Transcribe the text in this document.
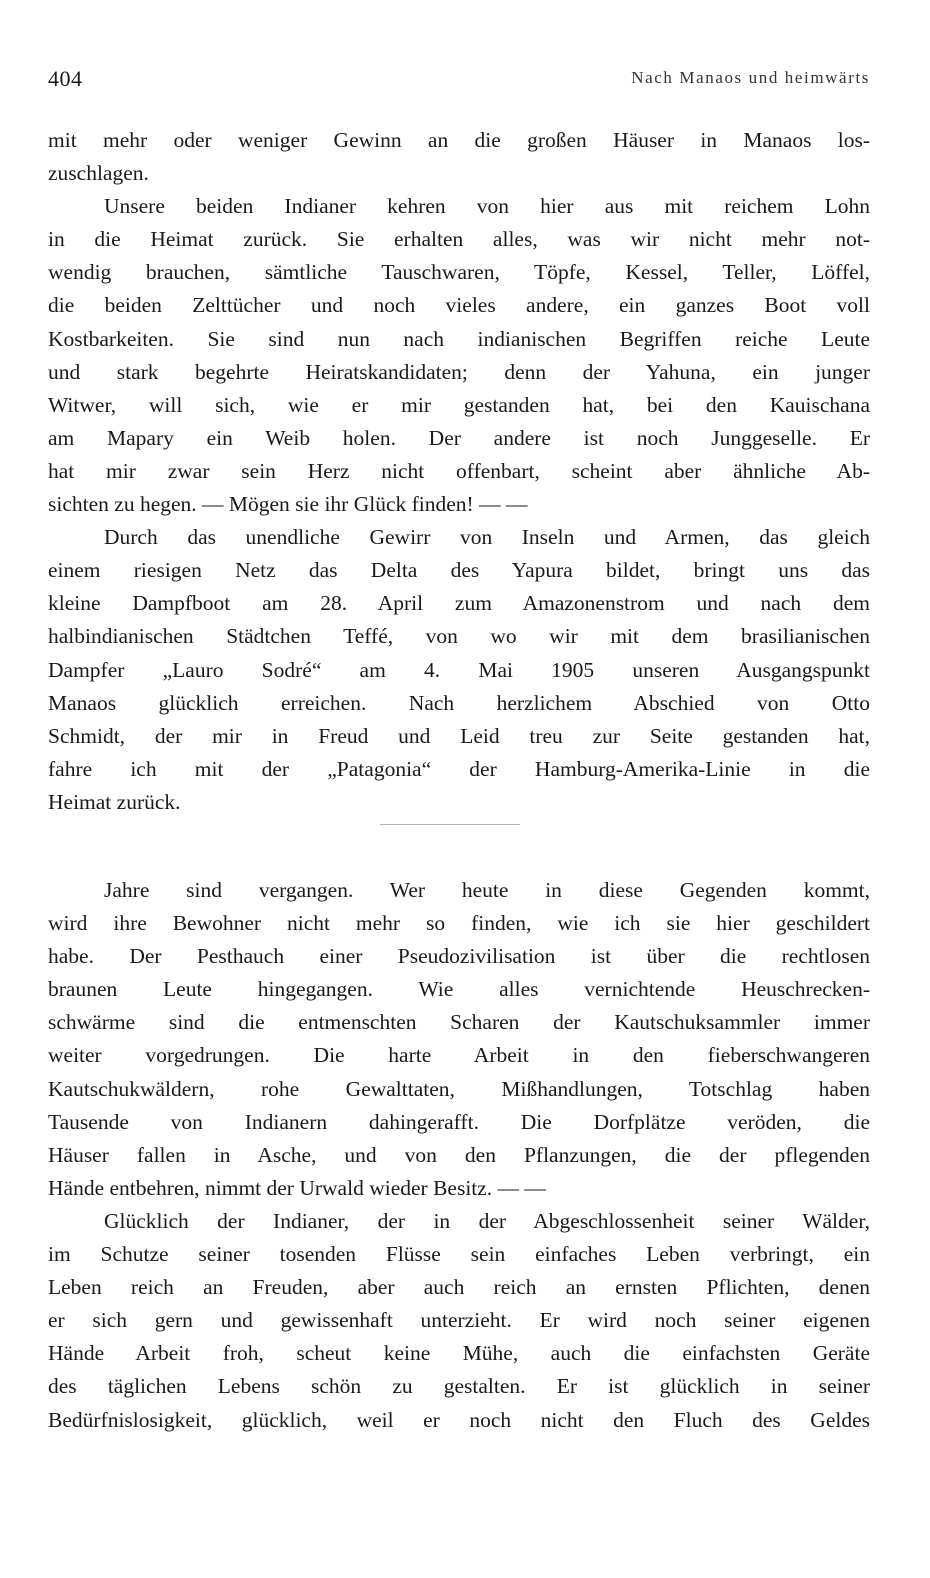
404	Nach Manaos und heimwärts
mit mehr oder weniger Gewinn an die großen Häuser in Manaos los-
zuschlagen.
Unsere beiden Indianer kehren von hier aus mit reichem Lohn
in die Heimat zurück. Sie erhalten alles, was wir nicht mehr not-
wendig brauchen, sämtliche Tauschwaren, Töpfe, Kessel, Teller, Löffel,
die beiden Zelttücher und noch vieles andere, ein ganzes Boot voll
Kostbarkeiten. Sie sind nun nach indianischen Begriffen reiche Leute
und stark begehrte Heiratskandidaten; denn der Yahuna, ein junger
Witwer, will sich, wie er mir gestanden hat, bei den Kauischana
am Mapary ein Weib holen. Der andere ist noch Junggeselle. Er
hat mir zwar sein Herz nicht offenbart, scheint aber ähnliche Ab-
sichten zu hegen. — Mögen sie ihr Glück finden! — —
Durch das unendliche Gewirr von Inseln und Armen, das gleich
einem riesigen Netz das Delta des Yapura bildet, bringt uns das
kleine Dampfboot am 28. April zum Amazonenstrom und nach dem
halbindianischen Städtchen Teffé, von wo wir mit dem brasilianischen
Dampfer „Lauro Sodré“ am 4. Mai 1905 unseren Ausgangspunkt
Manaos glücklich erreichen. Nach herzlichem Abschied von Otto
Schmidt, der mir in Freud und Leid treu zur Seite gestanden hat,
fahre ich mit der „Patagonia“ der Hamburg-Amerika-Linie in die
Heimat zurück.
Jahre sind vergangen. Wer heute in diese Gegenden kommt,
wird ihre Bewohner nicht mehr so finden, wie ich sie hier geschildert
habe. Der Pesthauch einer Pseudozivilisation ist über die rechtlosen
braunen Leute hingegangen. Wie alles vernichtende Heuschrecken-
schwärme sind die entmenschten Scharen der Kautschuksammler immer
weiter vorgedrungen. Die harte Arbeit in den fieberschwangeren
Kautschukwäldern, rohe Gewalttaten, Mißhandlungen, Totschlag haben
Tausende von Indianern dahingerafft. Die Dorfplätze veröden, die
Häuser fallen in Asche, und von den Pflanzungen, die der pflegenden
Hände entbehren, nimmt der Urwald wieder Besitz. — —
Glücklich der Indianer, der in der Abgeschlossenheit seiner Wälder,
im Schutze seiner tosenden Flüsse sein einfaches Leben verbringt, ein
Leben reich an Freuden, aber auch reich an ernsten Pflichten, denen
er sich gern und gewissenhaft unterzieht. Er wird noch seiner eigenen
Hände Arbeit froh, scheut keine Mühe, auch die einfachsten Geräte
des täglichen Lebens schön zu gestalten. Er ist glücklich in seiner
Bedürfnislosigkeit, glücklich, weil er noch nicht den Fluch des Geldes
